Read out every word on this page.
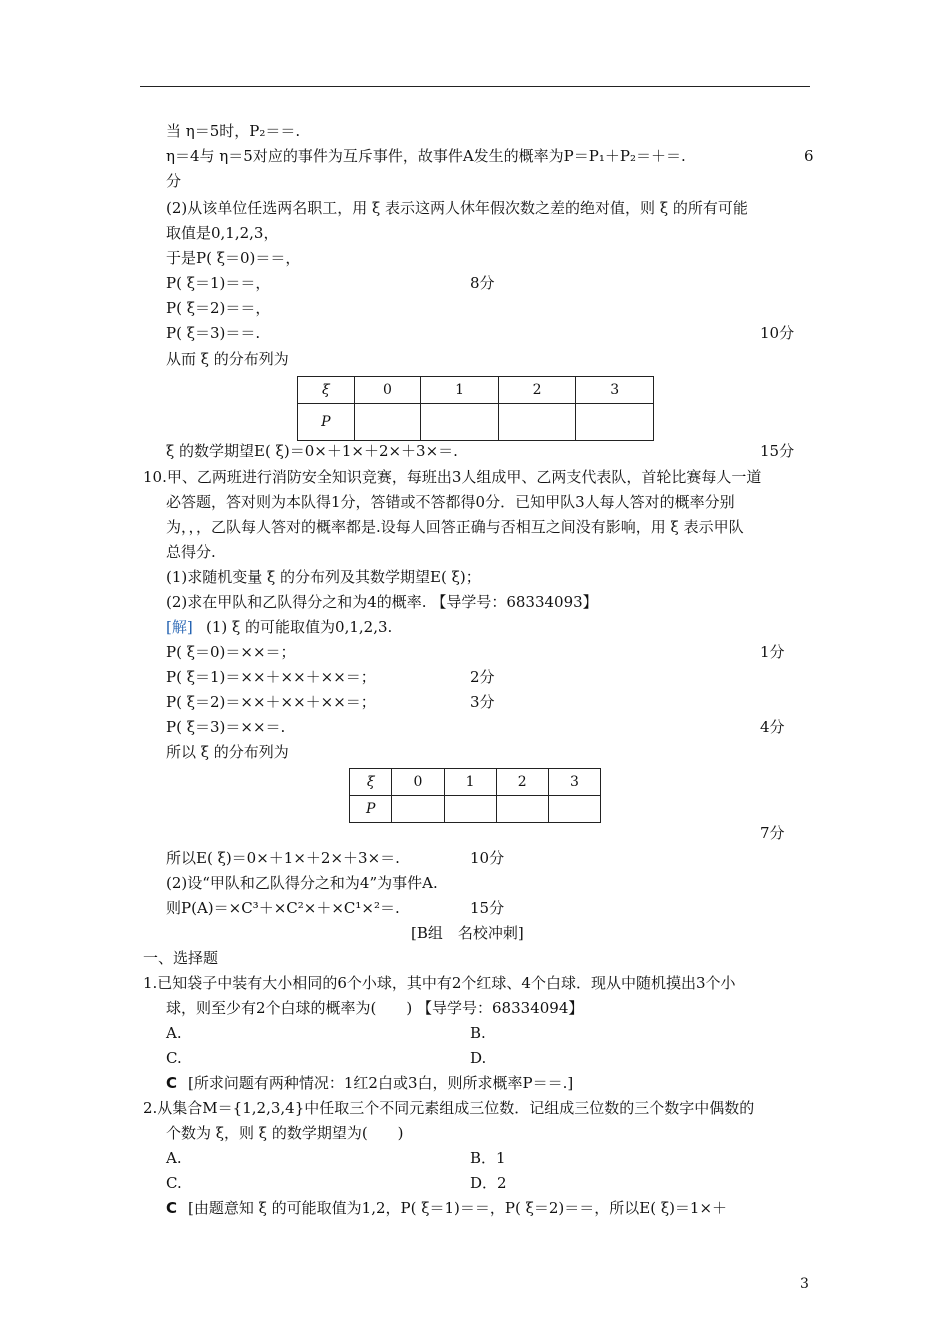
当 η＝5时，P₂＝＝.
η＝4与 η＝5对应的事件为互斥事件，故事件A发生的概率为P＝P₁＋P₂＝＋＝.	6
分
(2)从该单位任选两名职工，用 ξ 表示这两人休年假次数之差的绝对值，则 ξ 的所有可能
取值是0,1,2,3，
于是P( ξ＝0)＝＝，
P( ξ＝1)＝＝，	8分
P( ξ＝2)＝＝，
P( ξ＝3)＝＝.	10分
从而 ξ 的分布列为
ξ	0	1	2	3
P				
ξ 的数学期望E( ξ)＝0×＋1×＋2×＋3×＝.	15分
10.甲、乙两班进行消防安全知识竞赛，每班出3人组成甲、乙两支代表队，首轮比赛每人一道
必答题，答对则为本队得1分，答错或不答都得0分．已知甲队3人每人答对的概率分别
为，，，乙队每人答对的概率都是.设每人回答正确与否相互之间没有影响，用 ξ 表示甲队
总得分.
(1)求随机变量 ξ 的分布列及其数学期望E( ξ)；
(2)求在甲队和乙队得分之和为4的概率. 【导学号：68334093】
[解] (1) ξ 的可能取值为0,1,2,3.
P( ξ＝0)＝××＝；	1分
P( ξ＝1)＝××＋××＋××＝；	2分
P( ξ＝2)＝××＋××＋××＝；	3分
P( ξ＝3)＝××＝.	4分
所以 ξ 的分布列为
ξ	0	1	2	3
P				
7分
所以E( ξ)＝0×＋1×＋2×＋3×＝.	10分
(2)设“甲队和乙队得分之和为4”为事件A.
则P(A)＝×C³＋×C²×＋×C¹×²＝.	15分
[B组　名校冲刺]
一、选择题
1.已知袋子中装有大小相同的6个小球，其中有2个红球、4个白球．现从中随机摸出3个小
球，则至少有2个白球的概率为(　　) 【导学号：68334094】
A.	B.
C.	D.
C [所求问题有两种情况：1红2白或3白，则所求概率P＝＝.]
2.从集合M＝{1,2,3,4}中任取三个不同元素组成三位数．记组成三位数的三个数字中偶数的
个数为 ξ，则 ξ 的数学期望为(　　)
A.	B．1
C.	D．2
C [由题意知 ξ 的可能取值为1,2，P( ξ＝1)＝＝，P( ξ＝2)＝＝，所以E( ξ)＝1×＋
3
